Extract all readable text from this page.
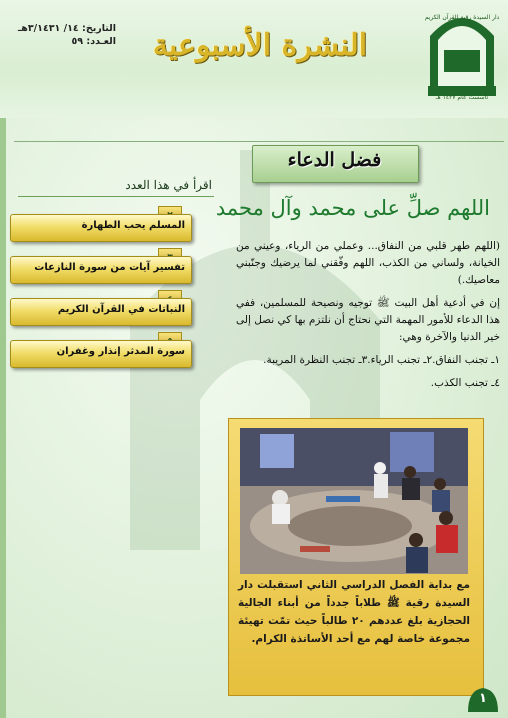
دار السيدة رقية للقرآن الكريم
تأسست عام ١٤٢٧ هـ
النشرة الأسبوعية
التاريخ: ١٤/ ٣/١٤٣١هـ
العـدد: ٥٩
فضل الدعاء
اللهم صلِّ على محمد وآل محمد

(اللهم طهر قلبي من النفاق... وعملي من الرياء، وعيني من الخيانة، ولساني من الكذب، اللهم وفّقني لما يرضيك وجنّبني معاصيك.)

إن في أدعية أهل البيت ﷺ توجيه ونصيحة للمسلمين، ففي هذا الدعاء للأمور المهمة التي نحتاج أن نلتزم بها كي نصل إلى خير الدنيا والآخرة وهي:

١ـ تجنب النفاق.٢ـ تجنب الرياء.٣ـ تجنب النظرة المريبة.

٤ـ تجنب الكذب.

اقرأ في هذا العدد
المسلم يحب الطهارة
تفسير آيات من سورة النازعات
النباتات في القرآن الكريم
سورة المدثر إنذار وغفران
مع بداية الفصل الدراسي الثاني استقبلت دار السيدة رقية ﷺ طلاباً جدداً من أبناء الجالية الحجازية بلغ عددهم ٢٠ طالباً حيث تمّت تهيئة مجموعة خاصة لهم مع أحد الأساتذة الكرام.
١
